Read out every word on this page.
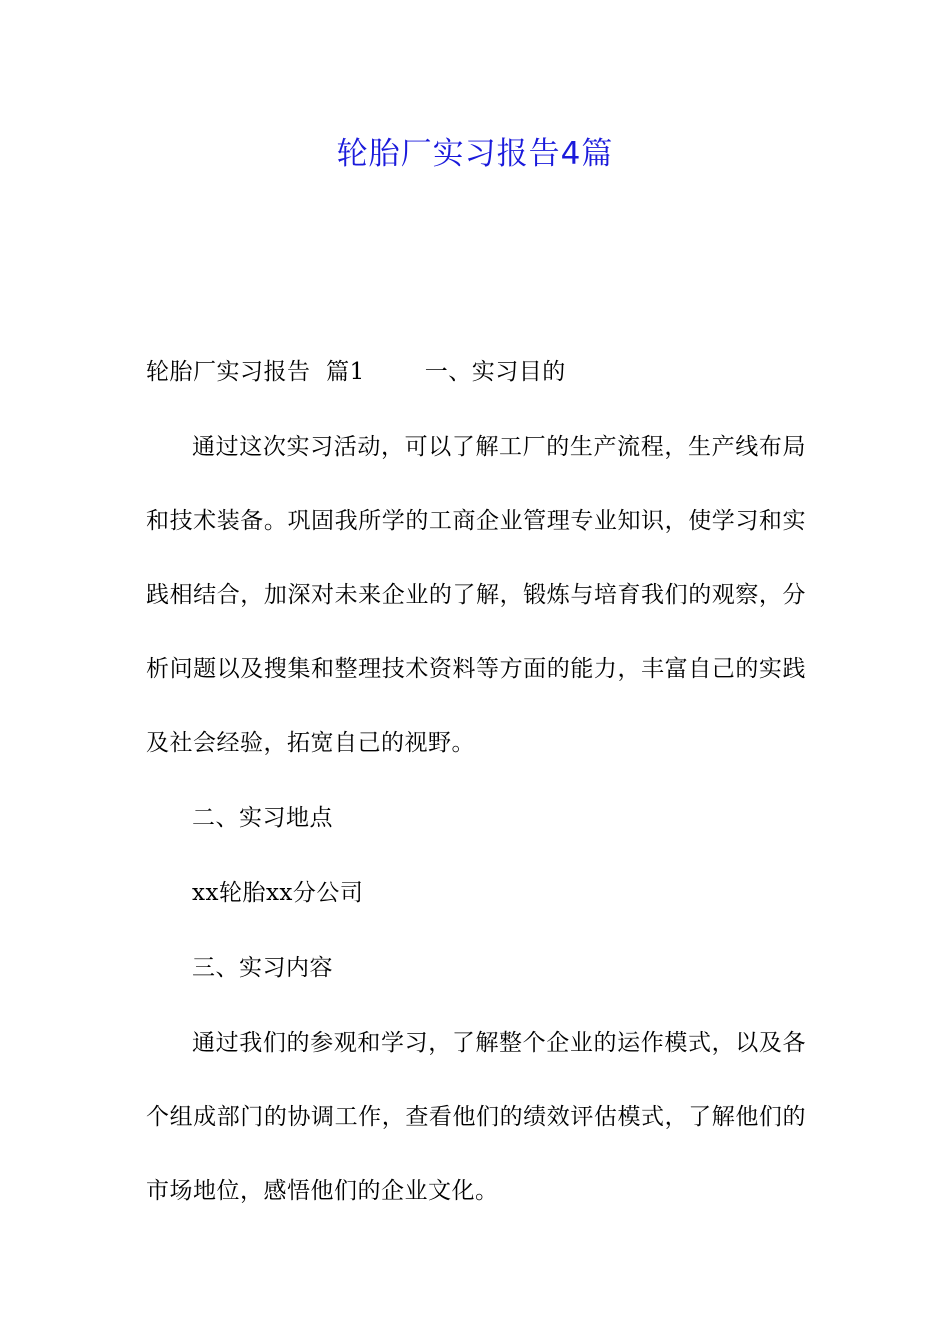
轮胎厂实习报告4篇
轮胎厂实习报告  篇1	一、实习目的
通过这次实习活动，可以了解工厂的生产流程，生产线布局和技术装备。巩固我所学的工商企业管理专业知识，使学习和实践相结合，加深对未来企业的了解，锻炼与培育我们的观察，分析问题以及搜集和整理技术资料等方面的能力，丰富自己的实践及社会经验，拓宽自己的视野。
二、实习地点
xx轮胎xx分公司
三、实习内容
通过我们的参观和学习，了解整个企业的运作模式，以及各个组成部门的协调工作，查看他们的绩效评估模式，了解他们的市场地位，感悟他们的企业文化。
